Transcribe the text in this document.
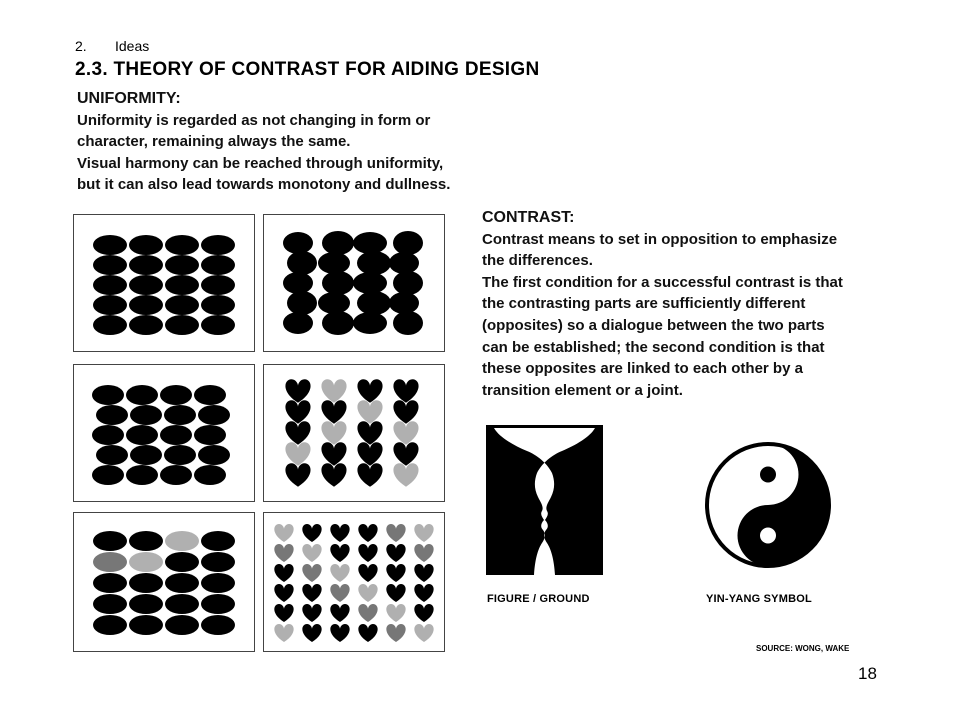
2. Ideas
2.3. THEORY OF CONTRAST FOR AIDING DESIGN
UNIFORMITY:
Uniformity is regarded as not changing in form or
character, remaining always the same.
Visual harmony can be reached through uniformity,
but it can also lead towards monotony and dullness.
CONTRAST:
Contrast means to set in opposition to emphasize
the differences.
The first condition for a successful contrast is that
the contrasting parts are sufficiently different
(opposites) so a dialogue between the two parts
can be established; the second condition is that
these opposites are linked to each other by a
transition element or a joint.
FIGURE / GROUND	YIN-YANG SYMBOL
SOURCE: WONG, WAKE
18
